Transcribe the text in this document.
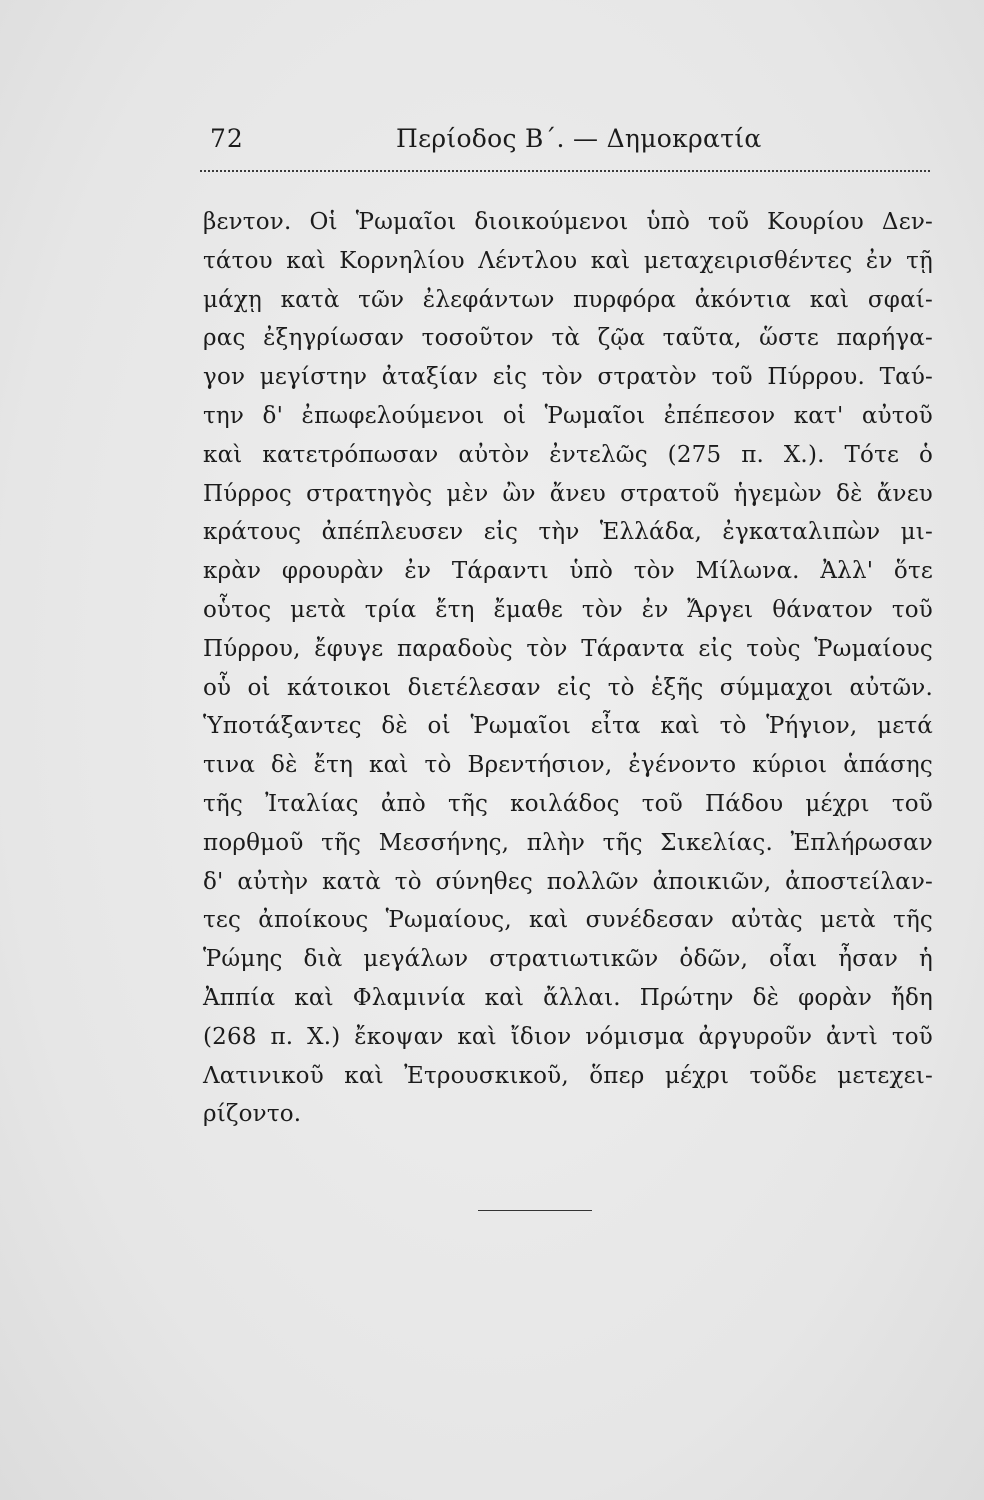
72	Περίοδος Β΄. — Δημοκρατία
βεντον. Οἱ Ῥωμαῖοι διοικούμενοι ὑπὸ τοῦ Κουρίου Δεν-
τάτου καὶ Κορνηλίου Λέντλου καὶ μεταχειρισθέντες ἐν τῇ
μάχῃ κατὰ τῶν ἐλεφάντων πυρφόρα ἀκόντια καὶ σφαί-
ρας ἐξηγρίωσαν τοσοῦτον τὰ ζῷα ταῦτα, ὥστε παρήγα-
γον μεγίστην ἀταξίαν εἰς τὸν στρατὸν τοῦ Πύρρου. Ταύ-
την δ' ἐπωφελούμενοι οἱ Ῥωμαῖοι ἐπέπεσον κατ' αὐτοῦ
καὶ κατετρόπωσαν αὐτὸν ἐντελῶς (275 π. Χ.). Τότε ὁ
Πύρρος στρατηγὸς μὲν ὢν ἄνευ στρατοῦ ἡγεμὼν δὲ ἄνευ
κράτους ἀπέπλευσεν εἰς τὴν Ἑλλάδα, ἐγκαταλιπὼν μι-
κρὰν φρουρὰν ἐν Τάραντι ὑπὸ τὸν Μίλωνα. Ἀλλ' ὅτε
οὗτος μετὰ τρία ἔτη ἔμαθε τὸν ἐν Ἄργει θάνατον τοῦ
Πύρρου, ἔφυγε παραδοὺς τὸν Τάραντα εἰς τοὺς Ῥωμαίους
οὗ οἱ κάτοικοι διετέλεσαν εἰς τὸ ἑξῆς σύμμαχοι αὐτῶν.
Ὑποτάξαντες δὲ οἱ Ῥωμαῖοι εἶτα καὶ τὸ Ῥήγιον, μετά
τινα δὲ ἔτη καὶ τὸ Βρεντήσιον, ἐγένοντο κύριοι ἁπάσης
τῆς Ἰταλίας ἀπὸ τῆς κοιλάδος τοῦ Πάδου μέχρι τοῦ
πορθμοῦ τῆς Μεσσήνης, πλὴν τῆς Σικελίας. Ἐπλήρωσαν
δ' αὐτὴν κατὰ τὸ σύνηθες πολλῶν ἀποικιῶν, ἀποστείλαν-
τες ἀποίκους Ῥωμαίους, καὶ συνέδεσαν αὐτὰς μετὰ τῆς
Ῥώμης διὰ μεγάλων στρατιωτικῶν ὁδῶν, οἷαι ἦσαν ἡ
Ἀππία καὶ Φλαμινία καὶ ἄλλαι. Πρώτην δὲ φορὰν ἤδη
(268 π. Χ.) ἔκοψαν καὶ ἴδιον νόμισμα ἀργυροῦν ἀντὶ τοῦ
Λατινικοῦ καὶ Ἐτρουσκικοῦ, ὅπερ μέχρι τοῦδε μετεχει-
ρίζοντο.
